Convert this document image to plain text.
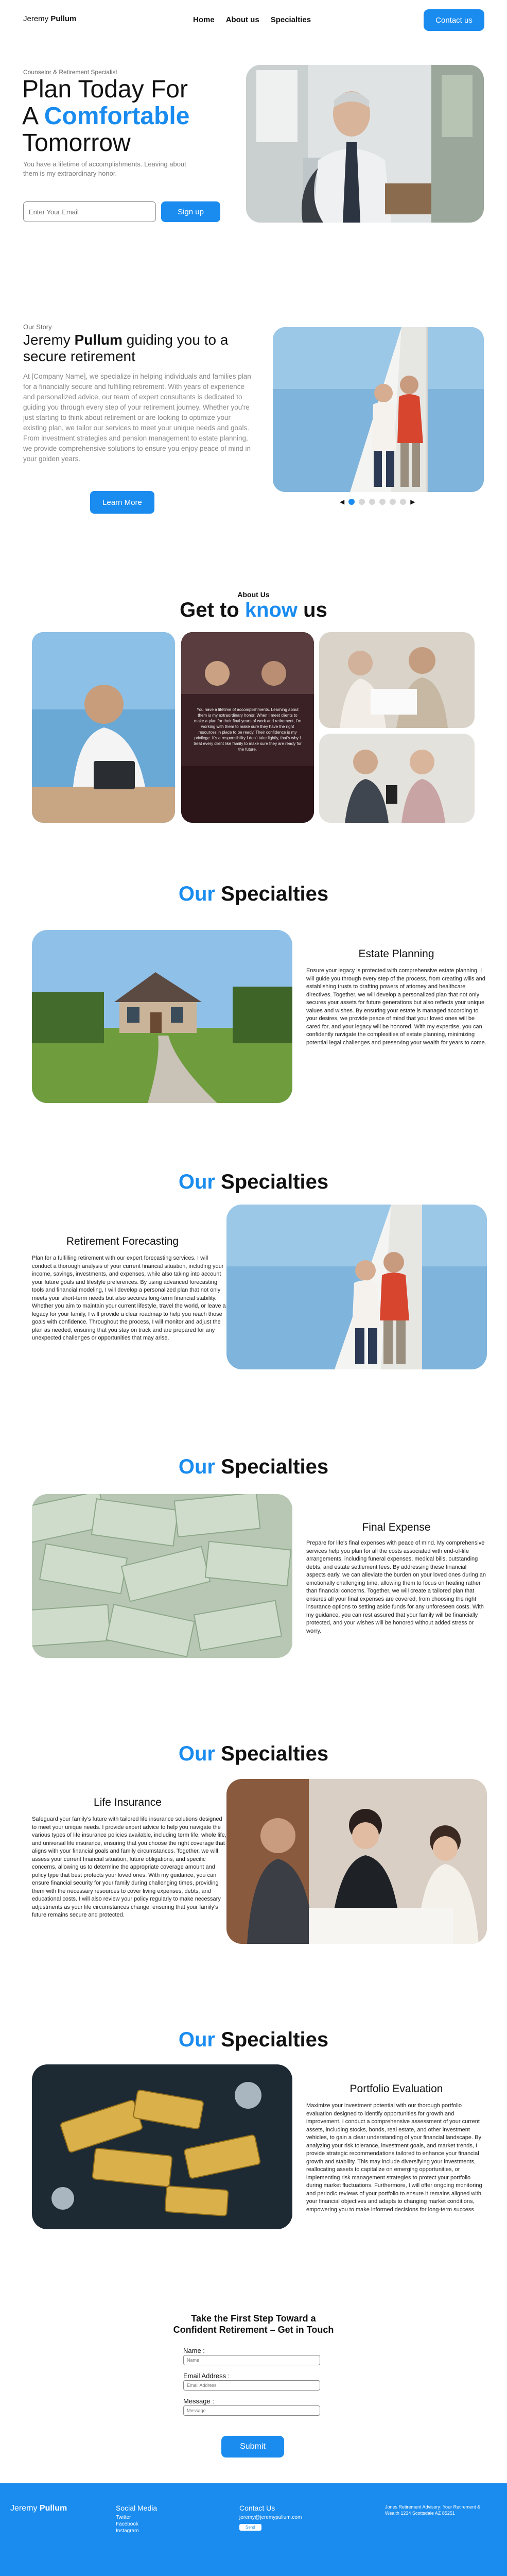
Jeremy Pullum	Home About us Specialties	Contact us
Counselor & Retirement Specialist
Plan Today For
A Comfortable
Tomorrow
You have a lifetime of accomplishments. Leaving about them is my extraordinary honor.
Enter Your Email
Sign up
Our Story
Jeremy Pullum guiding you to a secure retirement

At [Company Name], we specialize in helping individuals and families plan for a financially secure and fulfilling retirement. With years of experience and personalized advice, our team of expert consultants is dedicated to guiding you through every step of your retirement journey. Whether you're just starting to think about retirement or are looking to optimize your existing plan, we tailor our services to meet your unique needs and goals. From investment strategies and pension management to estate planning, we provide comprehensive solutions to ensure you enjoy peace of mind in your golden years.

Learn More	◀	▶
About Us
Get to know us
You have a lifetime of accomplishments. Learning about them is my extraordinary honor. When I meet clients to make a plan for their final years of work and retirement, I'm working with them to make sure they have the right resources in place to be ready. Their confidence is my privilege. It's a responsibility I don't take lightly, that's why I treat every client like family to make sure they are ready for the future.
Our Specialties
Estate Planning

Ensure your legacy is protected with comprehensive estate planning. I will guide you through every step of the process, from creating wills and establishing trusts to drafting powers of attorney and healthcare directives. Together, we will develop a personalized plan that not only secures your assets for future generations but also reflects your unique values and wishes. By ensuring your estate is managed according to your desires, we provide peace of mind that your loved ones will be cared for, and your legacy will be honored. With my expertise, you can confidently navigate the complexities of estate planning, minimizing potential legal challenges and preserving your wealth for years to come.

Our Specialties
Retirement Forecasting

Plan for a fulfilling retirement with our expert forecasting services. I will conduct a thorough analysis of your current financial situation, including your income, savings, investments, and expenses, while also taking into account your future goals and lifestyle preferences. By using advanced forecasting tools and financial modeling, I will develop a personalized plan that not only meets your short-term needs but also secures long-term financial stability. Whether you aim to maintain your current lifestyle, travel the world, or leave a legacy for your family, I will provide a clear roadmap to help you reach those goals with confidence. Throughout the process, I will monitor and adjust the plan as needed, ensuring that you stay on track and are prepared for any unexpected challenges or opportunities that may arise.

Our Specialties
Final Expense

Prepare for life's final expenses with peace of mind. My comprehensive services help you plan for all the costs associated with end-of-life arrangements, including funeral expenses, medical bills, outstanding debts, and estate settlement fees. By addressing these financial aspects early, we can alleviate the burden on your loved ones during an emotionally challenging time, allowing them to focus on healing rather than financial concerns. Together, we will create a tailored plan that ensures all your final expenses are covered, from choosing the right insurance options to setting aside funds for any unforeseen costs. With my guidance, you can rest assured that your family will be financially protected, and your wishes will be honored without added stress or worry.

Our Specialties
Life Insurance

Safeguard your family's future with tailored life insurance solutions designed to meet your unique needs. I provide expert advice to help you navigate the various types of life insurance policies available, including term life, whole life, and universal life insurance, ensuring that you choose the right coverage that aligns with your financial goals and family circumstances. Together, we will assess your current financial situation, future obligations, and specific concerns, allowing us to determine the appropriate coverage amount and policy type that best protects your loved ones. With my guidance, you can ensure financial security for your family during challenging times, providing them with the necessary resources to cover living expenses, debts, and educational costs. I will also review your policy regularly to make necessary adjustments as your life circumstances change, ensuring that your family's future remains secure and protected.

Our Specialties
Portfolio Evaluation

Maximize your investment potential with our thorough portfolio evaluation designed to identify opportunities for growth and improvement. I conduct a comprehensive assessment of your current assets, including stocks, bonds, real estate, and other investment vehicles, to gain a clear understanding of your financial landscape. By analyzing your risk tolerance, investment goals, and market trends, I provide strategic recommendations tailored to enhance your financial growth and stability. This may include diversifying your investments, reallocating assets to capitalize on emerging opportunities, or implementing risk management strategies to protect your portfolio during market fluctuations. Furthermore, I will offer ongoing monitoring and periodic reviews of your portfolio to ensure it remains aligned with your financial objectives and adapts to changing market conditions, empowering you to make informed decisions for long-term success.

Take the First Step Toward a
Confident Retirement – Get in Touch
Name :
Name
Email Address :
Email Address
Message :
Message
Submit
Jeremy Pullum	Social Media
Twitter
Facebook
Instagram
Contact Us
jeremy@jeremypullum.com
Send
Jones Retirement Advisory: Your Retirement & Wealth 1234 Scottsdale AZ 85251
